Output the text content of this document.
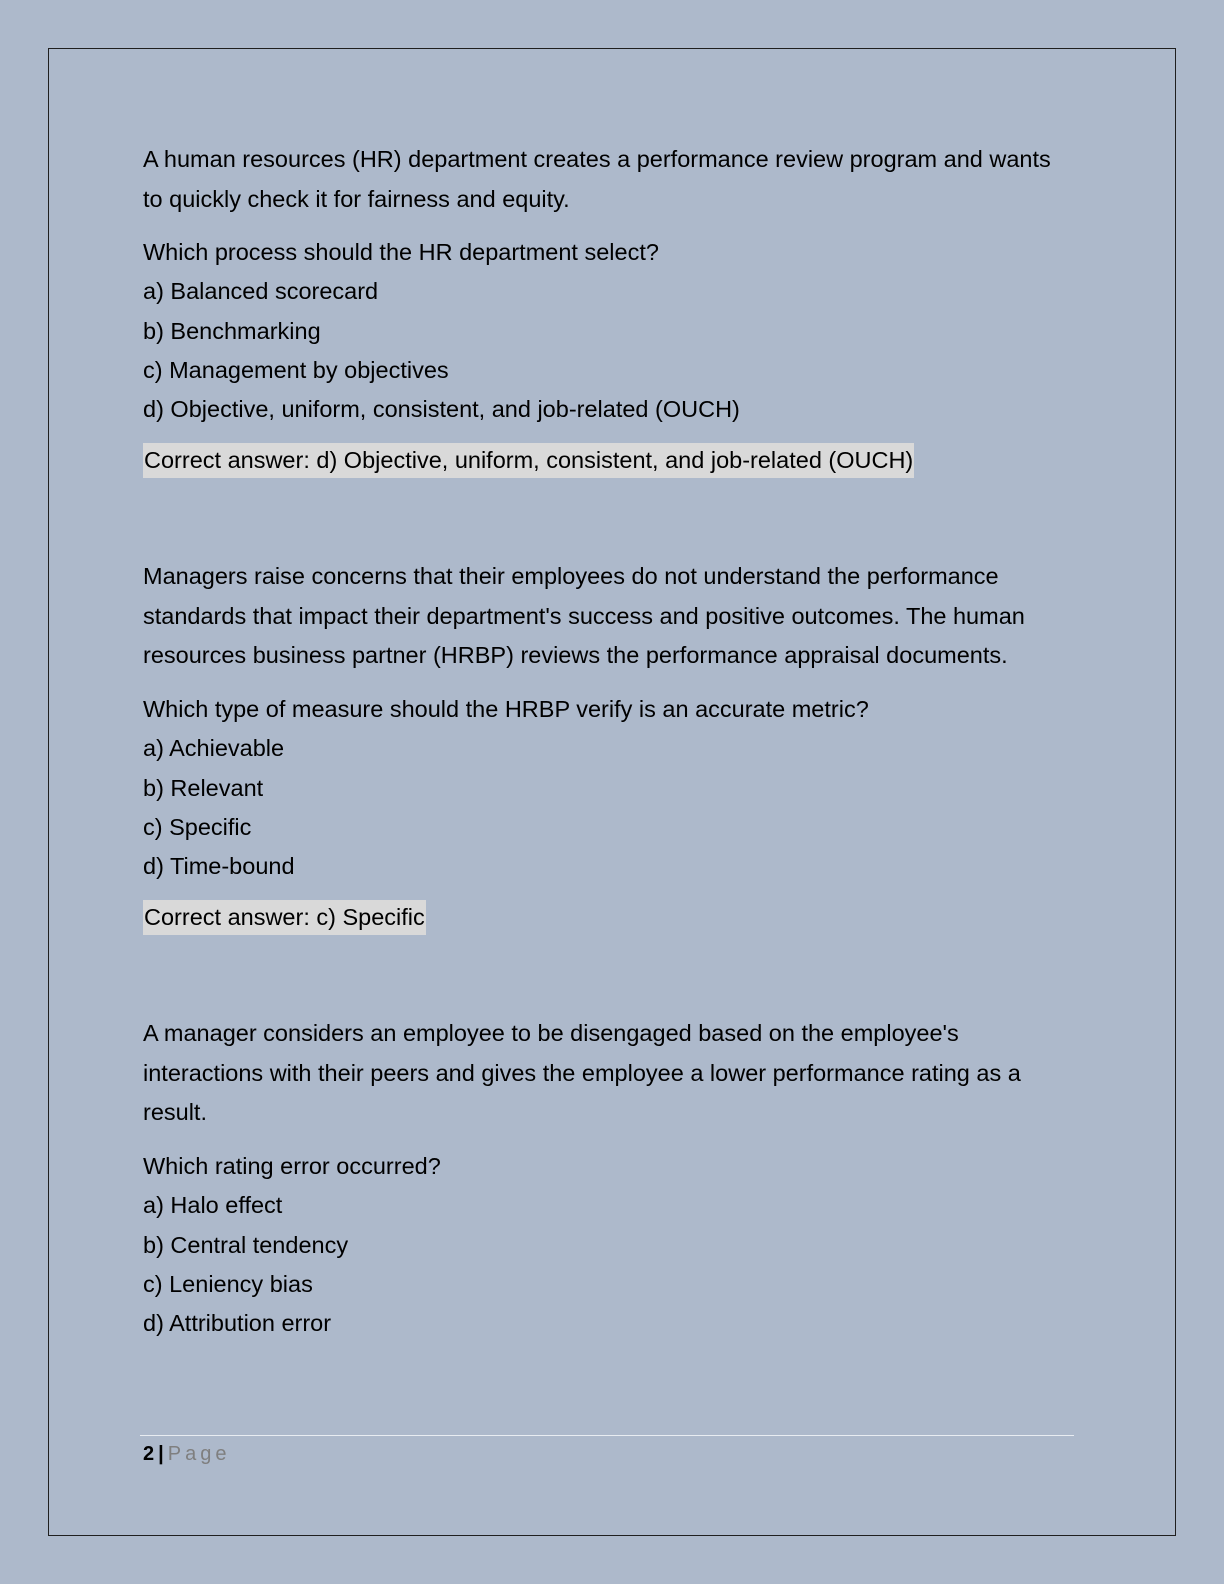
A human resources (HR) department creates a performance review program and wants to quickly check it for fairness and equity.

Which process should the HR department select?

a) Balanced scorecard

b) Benchmarking

c) Management by objectives

d) Objective, uniform, consistent, and job-related (OUCH)

Correct answer: d) Objective, uniform, consistent, and job-related (OUCH)

Managers raise concerns that their employees do not understand the performance standards that impact their department's success and positive outcomes. The human resources business partner (HRBP) reviews the performance appraisal documents.

Which type of measure should the HRBP verify is an accurate metric?

a) Achievable

b) Relevant

c) Specific

d) Time-bound

Correct answer: c) Specific

A manager considers an employee to be disengaged based on the employee's interactions with their peers and gives the employee a lower performance rating as a result.

Which rating error occurred?

a) Halo effect

b) Central tendency

c) Leniency bias

d) Attribution error

2 | Page
